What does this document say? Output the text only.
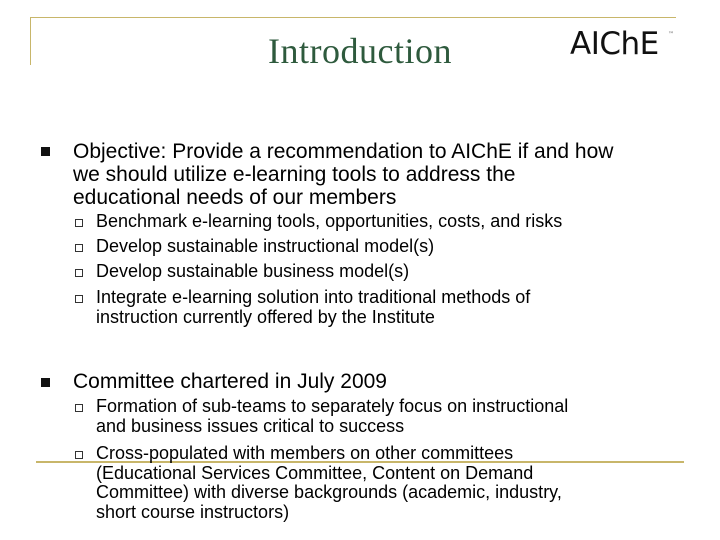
Introduction	AIChE ™
Objective: Provide a recommendation to AIChE if and how
we should utilize e-learning tools to address the
educational needs of our members
Benchmark e-learning tools, opportunities, costs, and risks
Develop sustainable instructional model(s)
Develop sustainable business model(s)
Integrate e-learning solution into traditional methods of
instruction currently offered by the Institute
Committee chartered in July 2009
Formation of sub-teams to separately focus on instructional
and business issues critical to success
Cross-populated with members on other committees
(Educational Services Committee, Content on Demand
Committee) with diverse backgrounds (academic, industry,
short course instructors)
